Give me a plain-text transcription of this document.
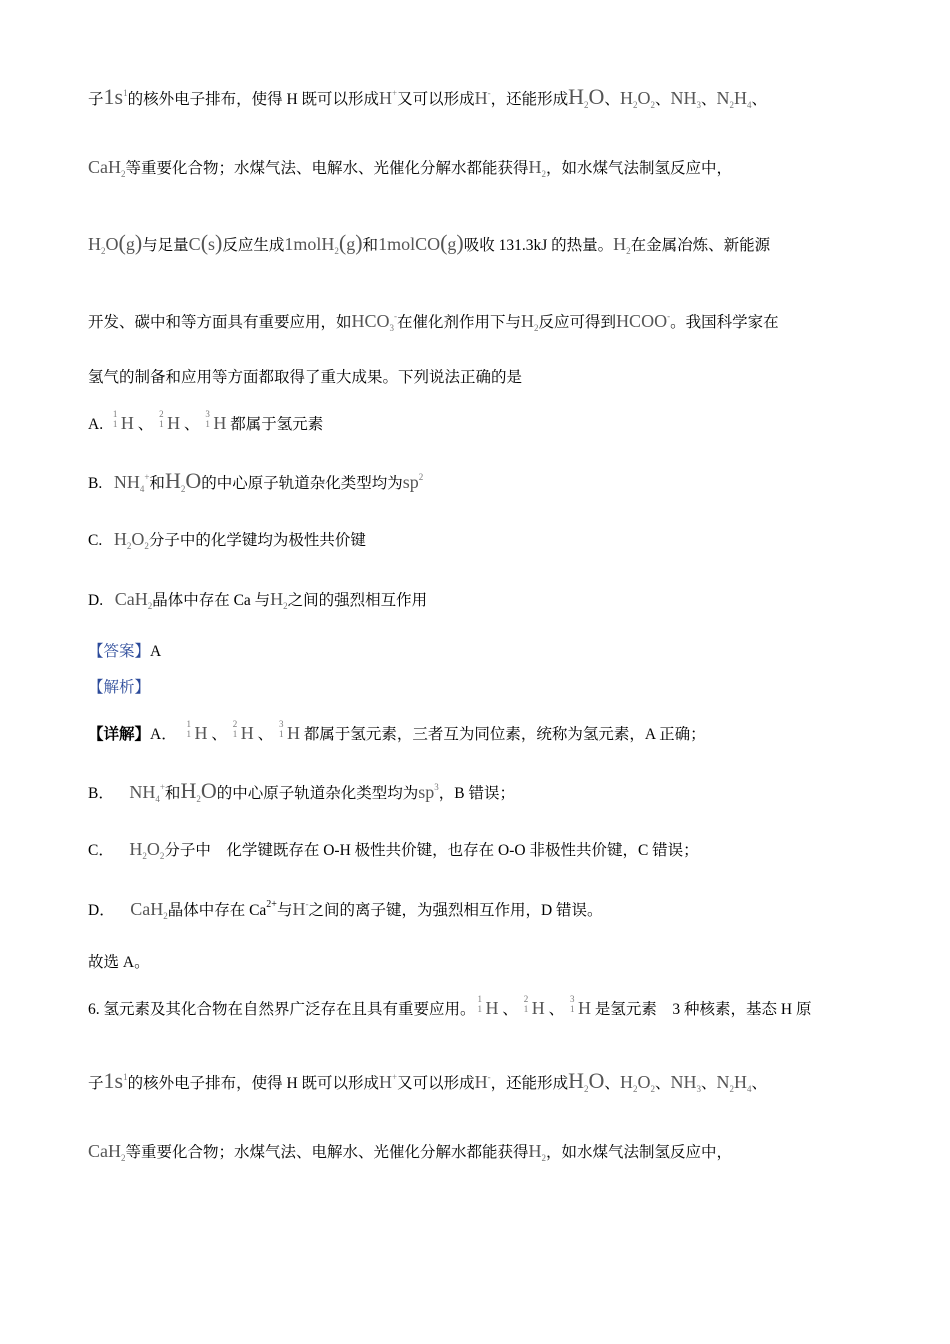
子$1s^1$的核外电子排布，使得 H 既可以形成H+又可以形成H-，还能形成$H_2O$、$H_2O_2$、$NH_3$、$N_2H_4$、
CaH$_2$等重要化合物；水煤气法、电解水、光催化分解水都能获得$H_2$，如水煤气法制氢反应中，
$H_2O(g)$与足量C(s)反应生成1molH$_2$(g)和1molCO(g)吸收 131.3kJ 的热量。$H_2$在金属冶炼、新能源
开发、碳中和等方面具有重要应用，如$HCO_3^-$在催化剂作用下与$H_2$反应可得到HCOO-。我国科学家在
氢气的制备和应用等方面都取得了重大成果。下列说法正确的是
A.
1
1 H 、
2
1 H 、
3
1 H 都属于氢元素
B. $NH_4^+$和$H_2O$的中心原子轨道杂化类型均为$sp^2$
C. $H_2O_2$分子中的化学键均为极性共价键
D. CaH$_2$晶体中存在 Ca 与$H_2$之间的强烈相互作用
【答案】A
【解析】
【详解】A．
1
1 H 、
2
1 H 、
3
1 H 都属于氢元素，三者互为同位素，统称为氢元素，A 正确；
B． $NH_4^+$和$H_2O$的中心原子轨道杂化类型均为$sp^3$，B 错误；
C． $H_2O_2$分子中　化学键既存在 O-H 极性共价键，也存在 O-O 非极性共价键，C 错误；
D． CaH$_2$晶体中存在 $Ca^{2+}$与H-之间的离子键，为强烈相互作用，D 错误。
故选 A。
6. 氢元素及其化合物在自然界广泛存在且具有重要应用。
1
1 H 、
2
1 H 、
3
1 H 是氢元素　3 种核素，基态 H 原
子$1s^1$的核外电子排布，使得 H 既可以形成H+又可以形成H-，还能形成$H_2O$、$H_2O_2$、$NH_3$、$N_2H_4$、
CaH$_2$等重要化合物；水煤气法、电解水、光催化分解水都能获得$H_2$，如水煤气法制氢反应中，
